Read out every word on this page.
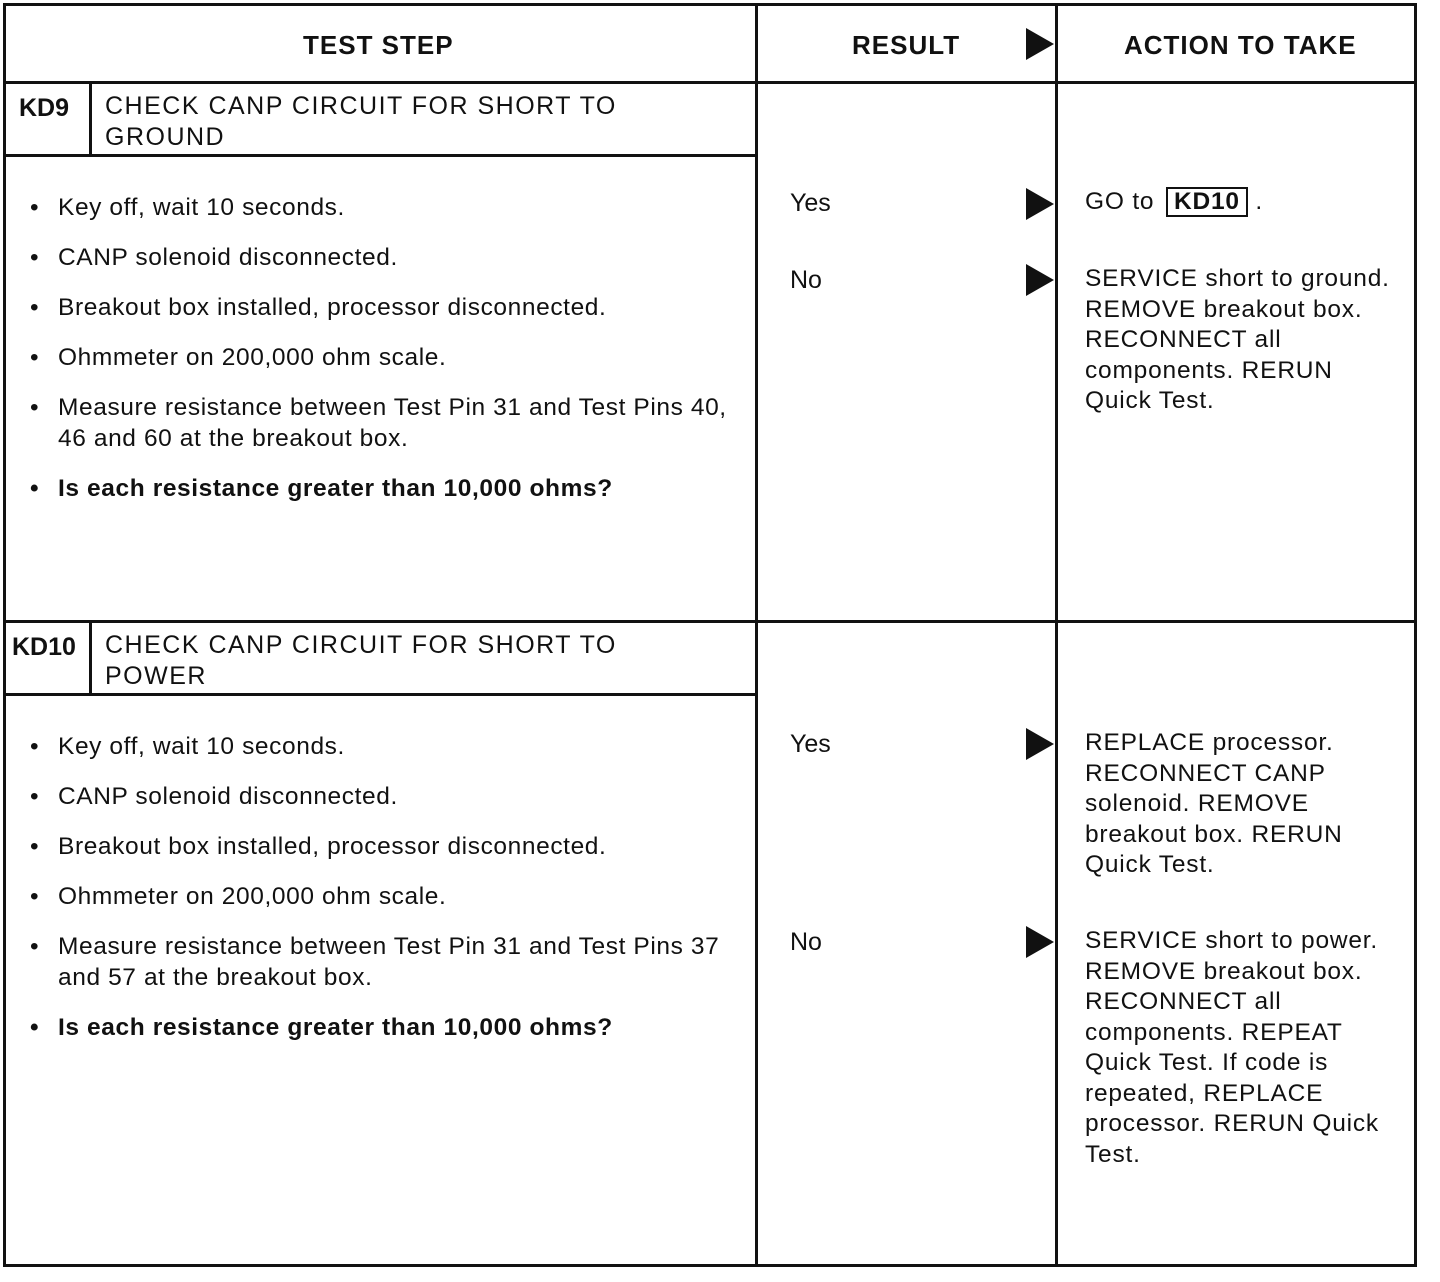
TEST STEP	RESULT	ACTION TO TAKE
KD9 CHECK CANP CIRCUIT FOR SHORT TO GROUND
• Key off, wait 10 seconds.
• CANP solenoid disconnected.
• Breakout box installed, processor disconnected.
• Ohmmeter on 200,000 ohm scale.
• Measure resistance between Test Pin 31 and Test Pins 40, 46 and 60 at the breakout box.
• Is each resistance greater than 10,000 ohms?
Yes	GO to KD10 .
No	SERVICE short to ground. REMOVE breakout box. RECONNECT all components. RERUN Quick Test.
KD10 CHECK CANP CIRCUIT FOR SHORT TO POWER
• Key off, wait 10 seconds.
• CANP solenoid disconnected.
• Breakout box installed, processor disconnected.
• Ohmmeter on 200,000 ohm scale.
• Measure resistance between Test Pin 31 and Test Pins 37 and 57 at the breakout box.
• Is each resistance greater than 10,000 ohms?
Yes	REPLACE processor. RECONNECT CANP solenoid. REMOVE breakout box. RERUN Quick Test.
No	SERVICE short to power. REMOVE breakout box. RECONNECT all components. REPEAT Quick Test. If code is repeated, REPLACE processor. RERUN Quick Test.
